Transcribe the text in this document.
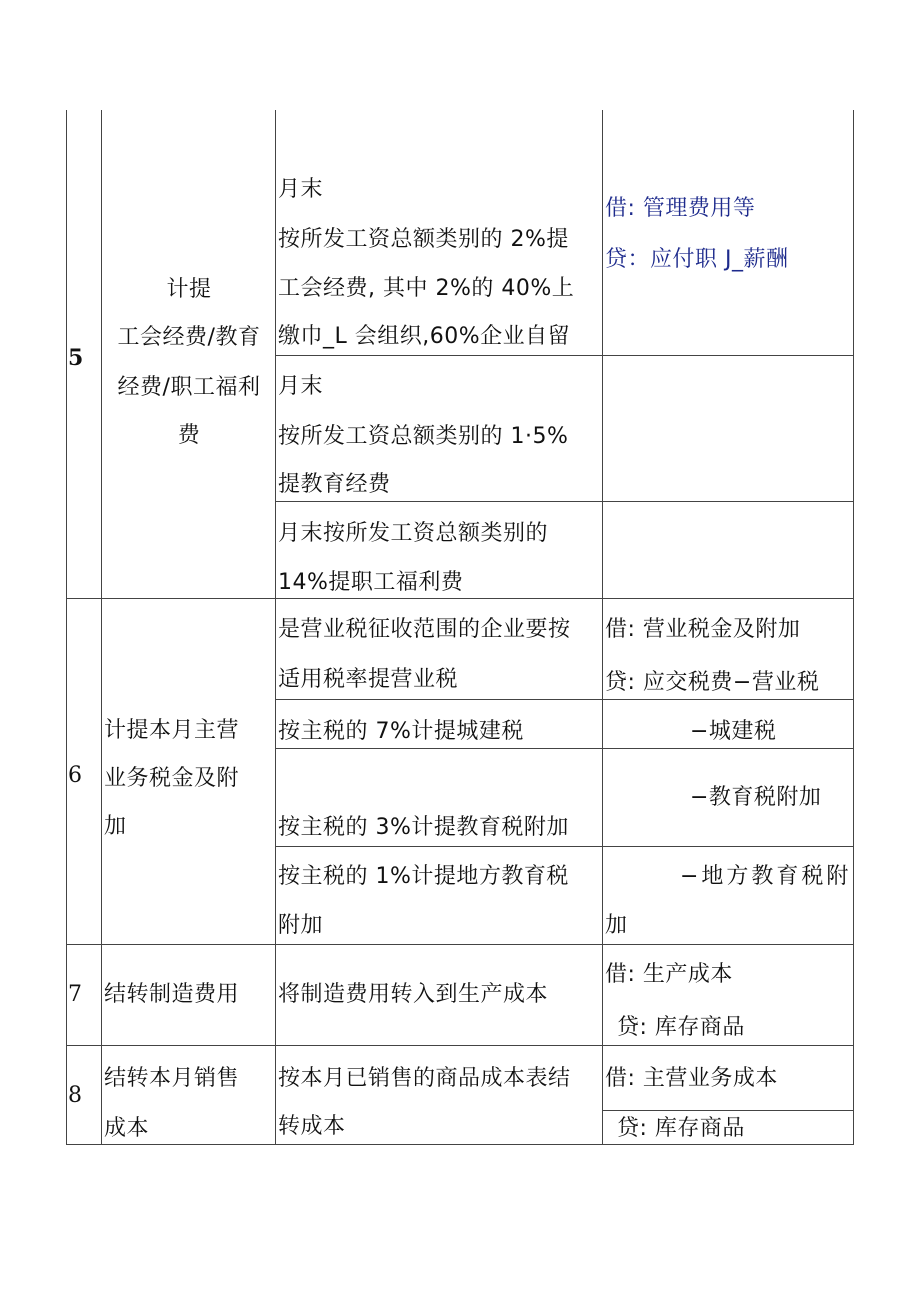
5
计提
工会经费/教育
经费/职工福利
费
月末
按所发工资总额类别的 2%提
工会经费, 其中 2%的 40%上
缴巾_L 会组织,60%企业自留
借: 管理费用等
贷：应付职 J_薪酬
月末
按所发工资总额类别的 1·5%
提教育经费
月末按所发工资总额类别的
14%提职工福利费
6
计提本月主营
业务税金及附
加
是营业税征收范围的企业要按
适用税率提营业税
借: 营业税金及附加
贷: 应交税费−营业税
按主税的 7%计提城建税	−城建税
按主税的 3%计提教育税附加
−教育税附加
按主税的 1%计提地方教育税
附加
−地方教育税附
加
7 结转制造费用 将制造费用转入到生产成本
借: 生产成本
贷: 库存商品
8
结转本月销售
成本
按本月已销售的商品成本表结
转成本
借: 主营业务成本
贷: 库存商品
